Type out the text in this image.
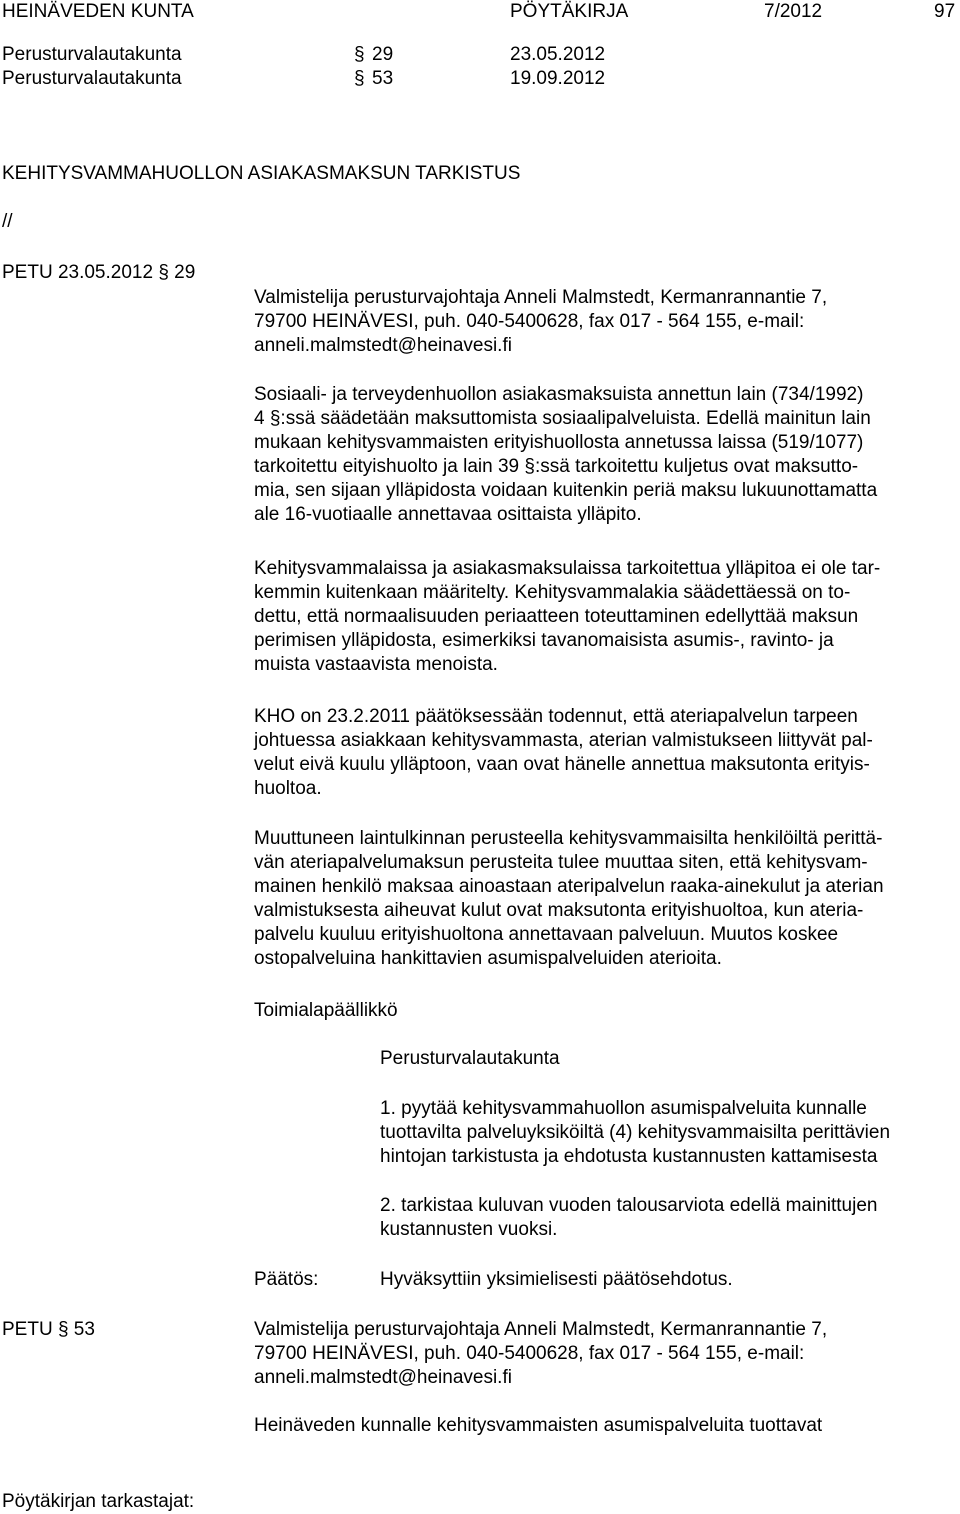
HEINÄVEDEN KUNTA	PÖYTÄKIRJA	7/2012	97
Perusturvalautakunta	§ 29	23.05.2012
Perusturvalautakunta	§ 53	19.09.2012
KEHITYSVAMMAHUOLLON ASIAKASMAKSUN TARKISTUS
//
PETU 23.05.2012 § 29

Valmistelija perusturvajohtaja Anneli Malmstedt, Kermanrannantie 7,

79700 HEINÄVESI, puh. 040-5400628, fax 017 - 564 155, e-mail:

anneli.malmstedt@heinavesi.fi

Sosiaali- ja terveydenhuollon asiakasmaksuista annettun lain (734/1992)

4 §:ssä säädetään maksuttomista sosiaalipalveluista. Edellä mainitun lain

mukaan kehitysvammaisten erityishuollosta annetussa laissa (519/1077)

tarkoitettu eityishuolto ja lain 39 §:ssä tarkoitettu kuljetus ovat maksutto-

mia, sen sijaan ylläpidosta voidaan kuitenkin periä maksu lukuunottamatta

ale 16-vuotiaalle annettavaa osittaista ylläpito.

Kehitysvammalaissa ja asiakasmaksulaissa tarkoitettua ylläpitoa ei ole tar-

kemmin kuitenkaan määritelty. Kehitysvammalakia säädettäessä on to-

dettu, että normaalisuuden periaatteen toteuttaminen edellyttää maksun

perimisen ylläpidosta, esimerkiksi tavanomaisista asumis-, ravinto- ja

muista vastaavista menoista.

KHO on 23.2.2011 päätöksessään todennut, että ateriapalvelun tarpeen

johtuessa asiakkaan kehitysvammasta, aterian valmistukseen liittyvät pal-

velut eivä kuulu ylläptoon, vaan ovat hänelle annettua maksutonta erityis-

huoltoa.

Muuttuneen laintulkinnan perusteella kehitysvammaisilta henkilöiltä perittä-

vän ateriapalvelumaksun perusteita tulee muuttaa siten, että kehitysvam-

mainen henkilö maksaa ainoastaan ateripalvelun raaka-ainekulut ja aterian

valmistuksesta aiheuvat kulut ovat maksutonta erityishuoltoa, kun ateria-

palvelu kuuluu erityishuoltona annettavaan palveluun. Muutos koskee

ostopalveluina hankittavien asumispalveluiden aterioita.

Toimialapäällikkö
Perusturvalautakunta

1. pyytää kehitysvammahuollon asumispalveluita kunnalle

tuottavilta palveluyksiköiltä (4) kehitysvammaisilta perittävien

hintojan tarkistusta ja ehdotusta kustannusten kattamisesta

2. tarkistaa kuluvan vuoden talousarviota edellä mainittujen

kustannusten vuoksi.

Päätös:	Hyväksyttiin yksimielisesti päätösehdotus.
PETU § 53	Valmistelija perusturvajohtaja Anneli Malmstedt, Kermanrannantie 7,

79700 HEINÄVESI, puh. 040-5400628, fax 017 - 564 155, e-mail:

anneli.malmstedt@heinavesi.fi

Heinäveden kunnalle kehitysvammaisten asumispalveluita tuottavat
Pöytäkirjan tarkastajat:
